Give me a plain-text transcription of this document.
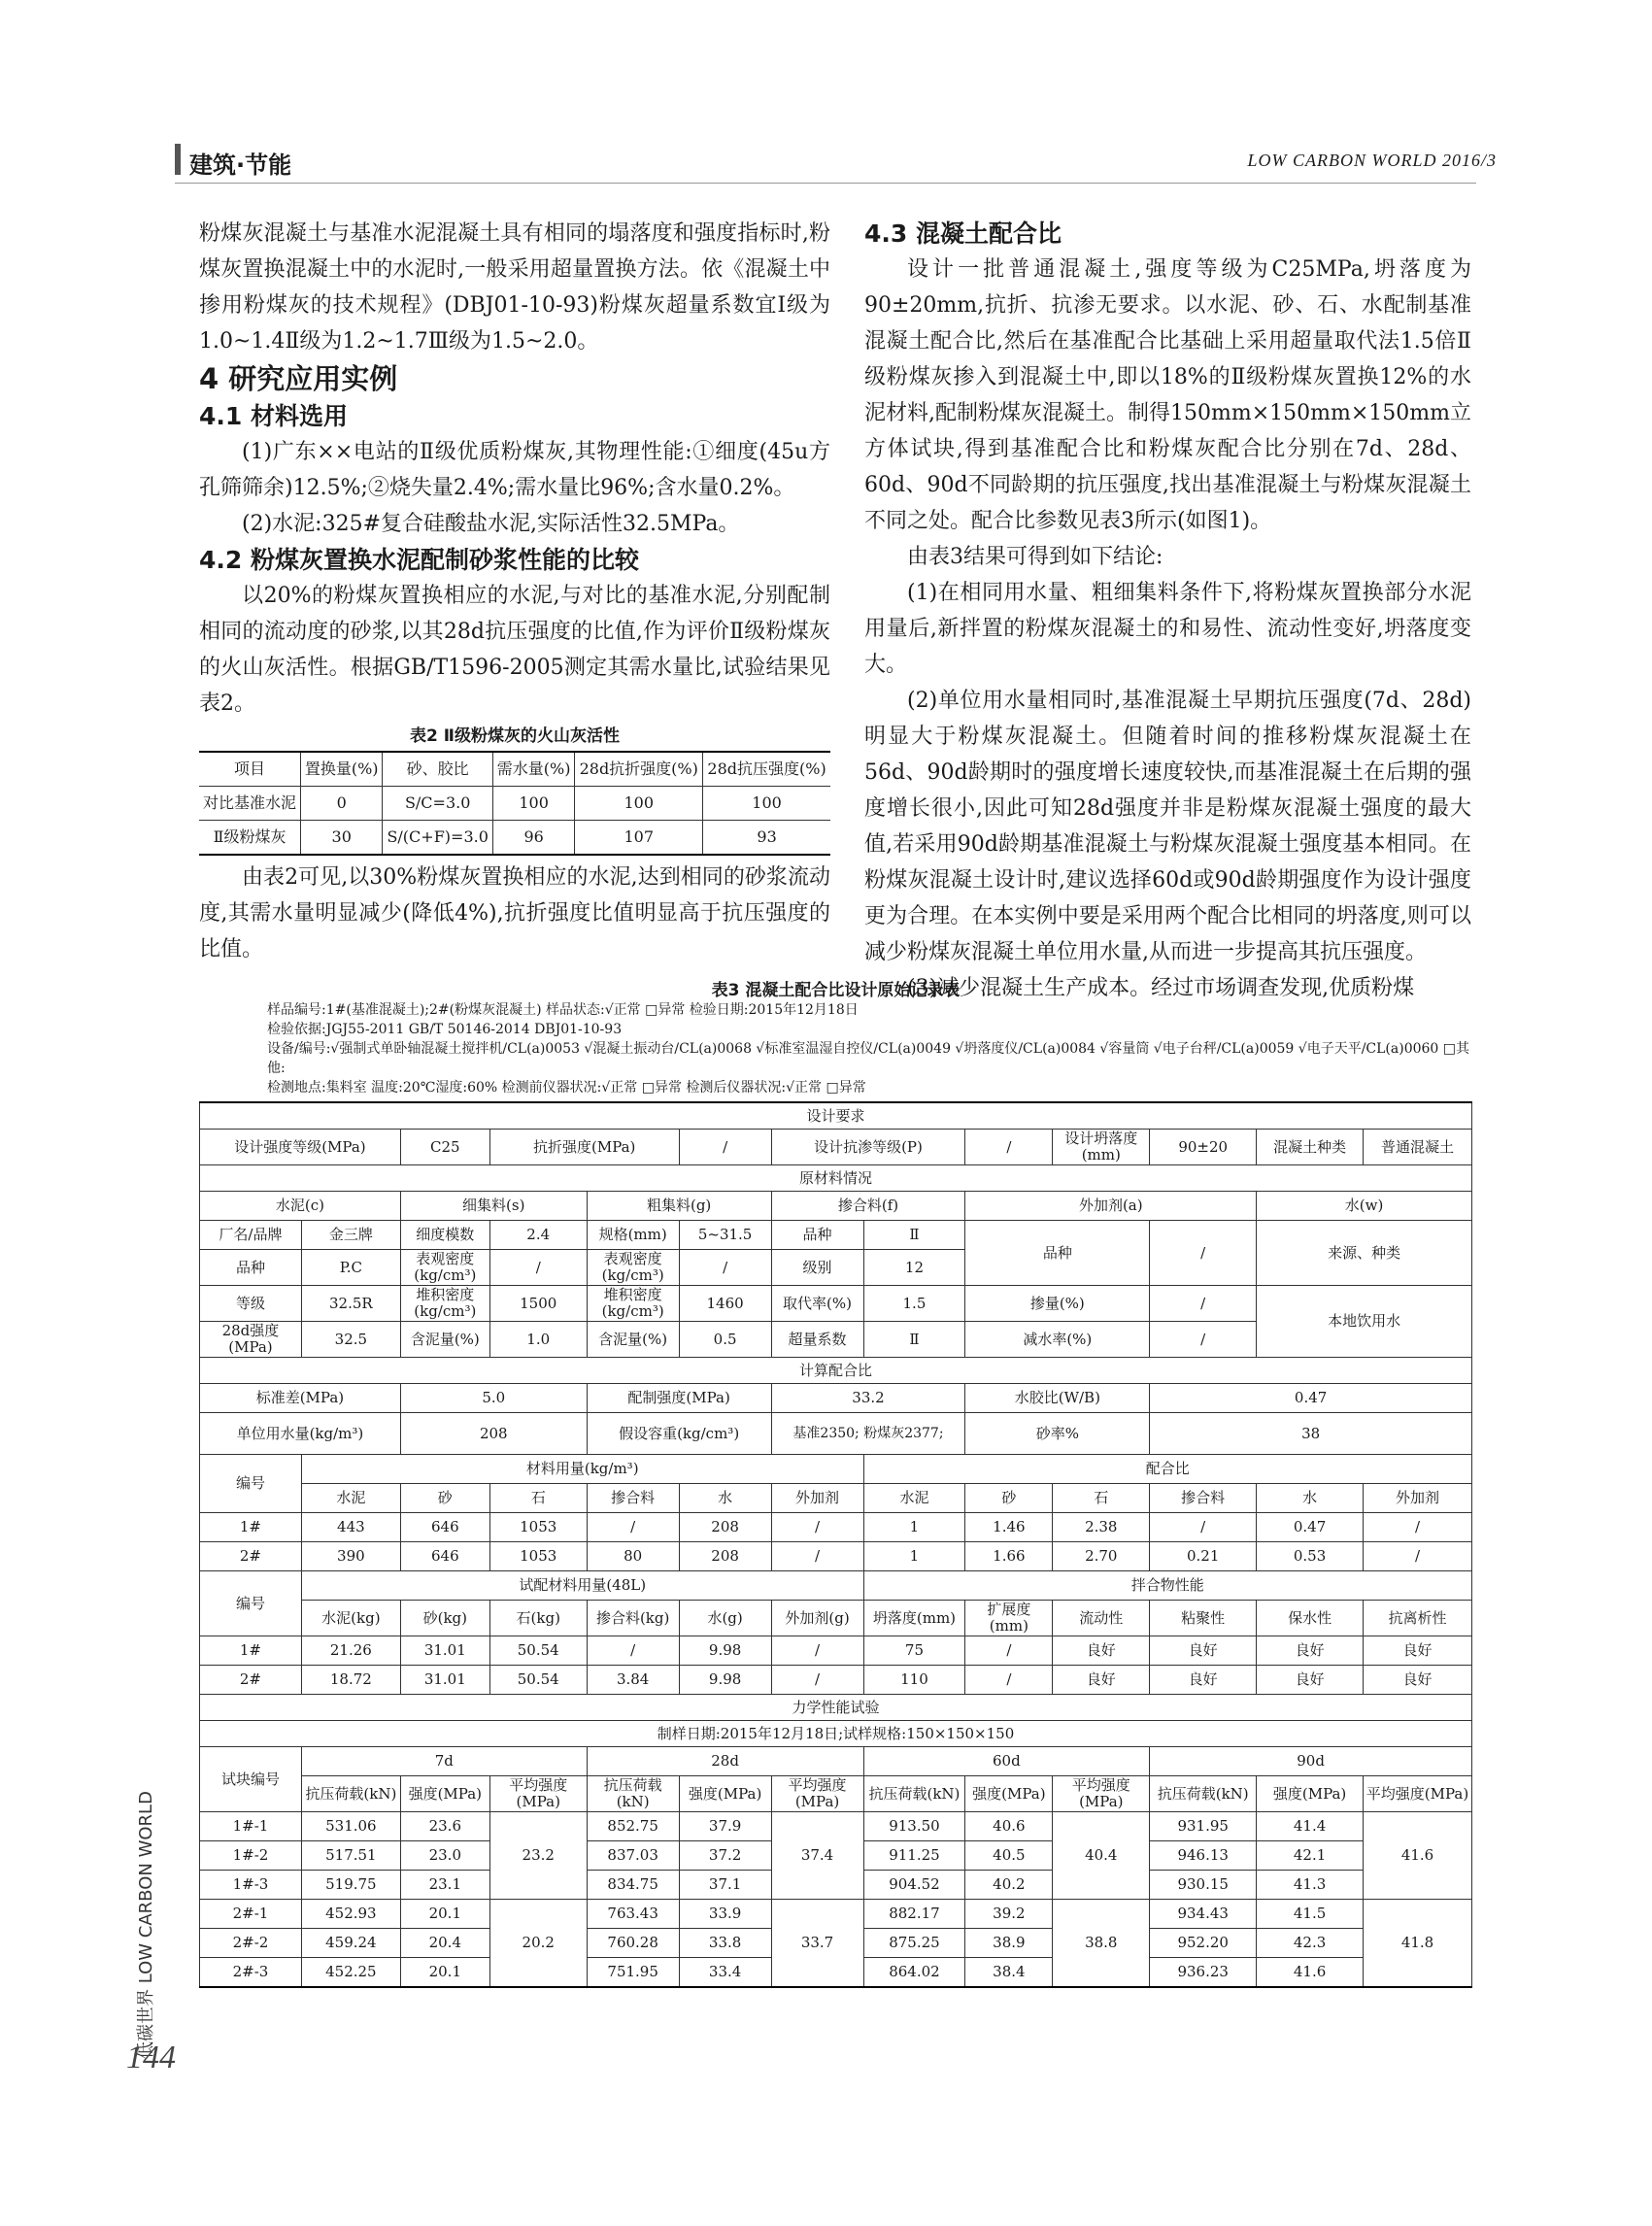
建筑·节能	LOW CARBON WORLD 2016/3

粉煤灰混凝土与基准水泥混凝土具有相同的塌落度和强度指标时,粉煤灰置换混凝土中的水泥时,一般采用超量置换方法。依《混凝土中掺用粉煤灰的技术规程》(DBJ01-10-93)粉煤灰超量系数宜Ⅰ级为1.0~1.4Ⅱ级为1.2~1.7Ⅲ级为1.5~2.0。

4 研究应用实例
4.1 材料选用

(1)广东××电站的Ⅱ级优质粉煤灰,其物理性能:①细度(45u方孔筛筛余)12.5%;②烧失量2.4%;需水量比96%;含水量0.2%。

(2)水泥:325#复合硅酸盐水泥,实际活性32.5MPa。

4.2 粉煤灰置换水泥配制砂浆性能的比较

以20%的粉煤灰置换相应的水泥,与对比的基准水泥,分别配制相同的流动度的砂浆,以其28d抗压强度的比值,作为评价Ⅱ级粉煤灰的火山灰活性。根据GB/T1596-2005测定其需水量比,试验结果见表2。

表2 Ⅱ级粉煤灰的火山灰活性
项目	置换量(%)	砂、胶比	需水量(%)	28d抗折强度(%)	28d抗压强度(%)
对比基准水泥	0	S/C=3.0	100	100	100
Ⅱ级粉煤灰	30	S/(C+F)=3.0	96	107	93

由表2可见,以30%粉煤灰置换相应的水泥,达到相同的砂浆流动度,其需水量明显减少(降低4%),抗折强度比值明显高于抗压强度的比值。

4.3 混凝土配合比

设计一批普通混凝土,强度等级为C25MPa,坍落度为90±20mm,抗折、抗渗无要求。以水泥、砂、石、水配制基准混凝土配合比,然后在基准配合比基础上采用超量取代法1.5倍Ⅱ级粉煤灰掺入到混凝土中,即以18%的Ⅱ级粉煤灰置换12%的水泥材料,配制粉煤灰混凝土。制得150mm×150mm×150mm立方体试块,得到基准配合比和粉煤灰配合比分别在7d、28d、60d、90d不同龄期的抗压强度,找出基准混凝土与粉煤灰混凝土不同之处。配合比参数见表3所示(如图1)。

由表3结果可得到如下结论:

(1)在相同用水量、粗细集料条件下,将粉煤灰置换部分水泥用量后,新拌置的粉煤灰混凝土的和易性、流动性变好,坍落度变大。

(2)单位用水量相同时,基准混凝土早期抗压强度(7d、28d)明显大于粉煤灰混凝土。但随着时间的推移粉煤灰混凝土在56d、90d龄期时的强度增长速度较快,而基准混凝土在后期的强度增长很小,因此可知28d强度并非是粉煤灰混凝土强度的最大值,若采用90d龄期基准混凝土与粉煤灰混凝土强度基本相同。在粉煤灰混凝土设计时,建议选择60d或90d龄期强度作为设计强度更为合理。在本实例中要是采用两个配合比相同的坍落度,则可以减少粉煤灰混凝土单位用水量,从而进一步提高其抗压强度。

(3)减少混凝土生产成本。经过市场调查发现,优质粉煤

表3 混凝土配合比设计原始记录表
样品编号:1#(基准混凝土);2#(粉煤灰混凝土) 样品状态:√正常 □异常 检验日期:2015年12月18日
检验依据:JGJ55-2011 GB/T 50146-2014 DBJ01-10-93
设备/编号:√强制式单卧轴混凝土搅拌机/CL(a)0053 √混凝土振动台/CL(a)0068 √标准室温湿自控仪/CL(a)0049 √坍落度仪/CL(a)0084 √容量筒 √电子台秤/CL(a)0059 √电子天平/CL(a)0060 □其他:
检测地点:集料室 温度:20℃湿度:60% 检测前仪器状况:√正常 □异常 检测后仪器状况:√正常 □异常
设计要求												
设计强度等级(MPa)		C25	抗折强度(MPa)		/	设计抗渗等级(P)		/	设计坍落度(mm)	90±20	混凝土种类	普通混凝土
原材料情况												
水泥(c)		细集料(s)		粗集料(g)		掺合料(f)		外加剂(a)			水(w)	
厂名/品牌	金三牌	细度模数	2.4	规格(mm)	5~31.5	品种	Ⅱ	品种		/	来源、种类	
品种	P.C	表观密度(kg/cm³)	/	表观密度(kg/cm³)	/	级别	12					
等级	32.5R	堆积密度(kg/cm³)	1500	堆积密度(kg/cm³)	1460	取代率(%)	1.5	掺量(%)		/	本地饮用水	
28d强度(MPa)	32.5	含泥量(%)	1.0	含泥量(%)	0.5	超量系数	Ⅱ	减水率(%)		/		
计算配合比												
标准差(MPa)		5.0		配制强度(MPa)		33.2		水胶比(W/B)		0.47		
单位用水量(kg/m³)		208		假设容重(kg/cm³)		基准2350; 粉煤灰2377;		砂率%		38		
编号	材料用量(kg/m³)						配合比					
	水泥	砂	石	掺合料	水	外加剂	水泥	砂	石	掺合料	水	外加剂
1#	443	646	1053	/	208	/	1	1.46	2.38	/	0.47	/
2#	390	646	1053	80	208	/	1	1.66	2.70	0.21	0.53	/
编号	试配材料用量(48L)						拌合物性能					
	水泥(kg)	砂(kg)	石(kg)	掺合料(kg)	水(g)	外加剂(g)	坍落度(mm)	扩展度(mm)	流动性	粘聚性	保水性	抗离析性
1#	21.26	31.01	50.54	/	9.98	/	75	/	良好	良好	良好	良好
2#	18.72	31.01	50.54	3.84	9.98	/	110	/	良好	良好	良好	良好
力学性能试验												
制样日期:2015年12月18日;试样规格:150×150×150												
试块编号	7d			28d			60d			90d		
	抗压荷载(kN)	强度(MPa)	平均强度(MPa)	抗压荷载(kN)	强度(MPa)	平均强度(MPa)	抗压荷载(kN)	强度(MPa)	平均强度(MPa)	抗压荷载(kN)	强度(MPa)	平均强度(MPa)
1#-1	531.06	23.6	23.2	852.75	37.9	37.4	913.50	40.6	40.4	931.95	41.4	41.6
1#-2	517.51	23.0		837.03	37.2		911.25	40.5		946.13	42.1	
1#-3	519.75	23.1		834.75	37.1		904.52	40.2		930.15	41.3	
2#-1	452.93	20.1	20.2	763.43	33.9	33.7	882.17	39.2	38.8	934.43	41.5	41.8
2#-2	459.24	20.4		760.28	33.8		875.25	38.9		952.20	42.3	
2#-3	452.25	20.1		751.95	33.4		864.02	38.4		936.23	41.6	
低碳世界 LOW CARBON WORLD
144
